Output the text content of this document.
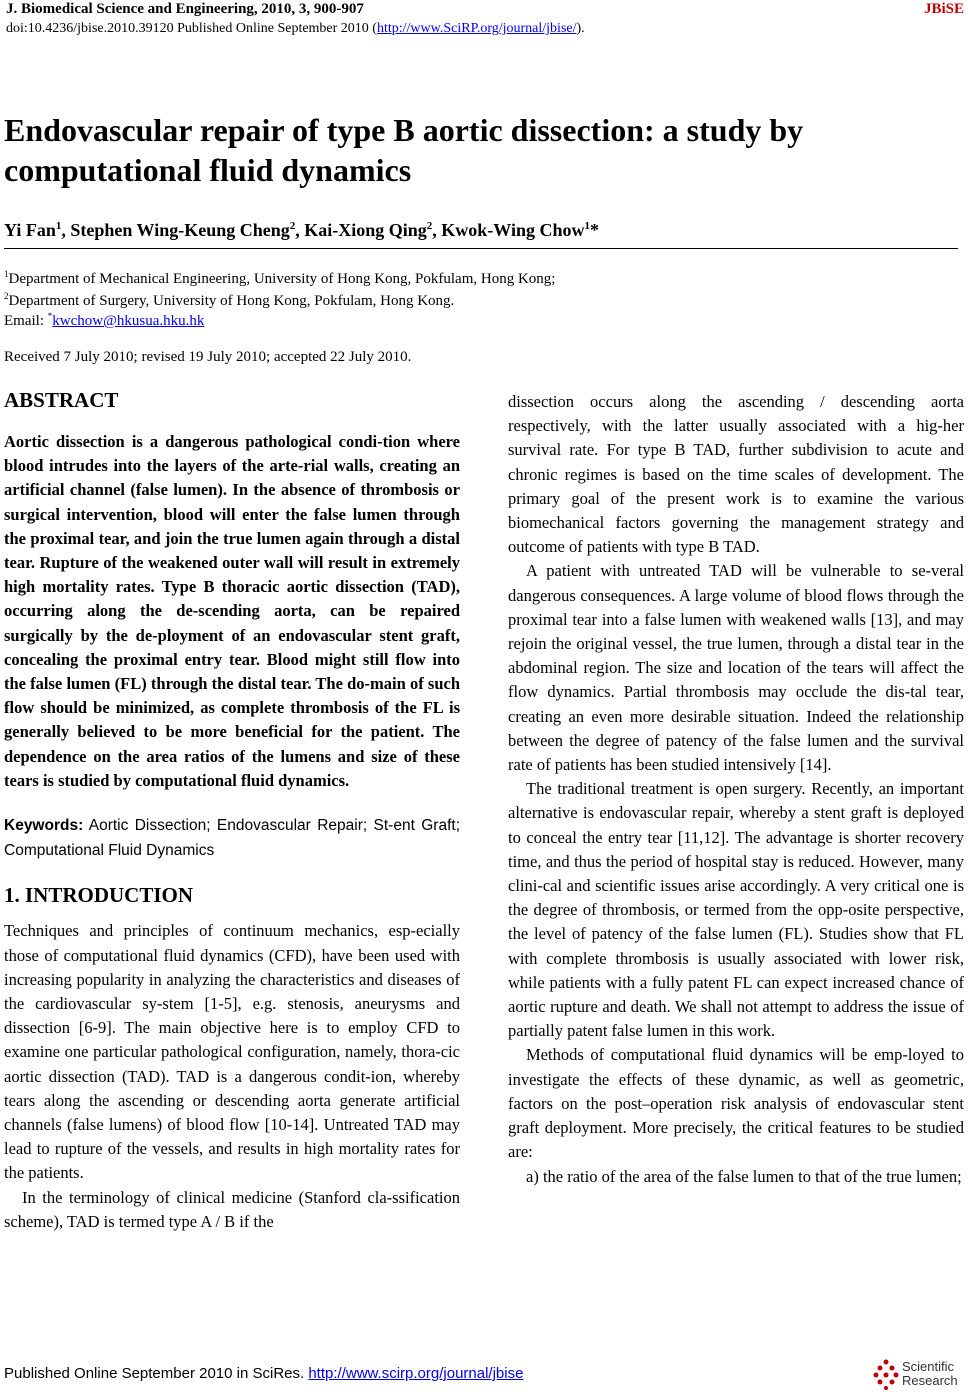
J. Biomedical Science and Engineering, 2010, 3, 900-907	JBiSE
doi:10.4236/jbise.2010.39120 Published Online September 2010 (http://www.SciRP.org/journal/jbise/).
Endovascular repair of type B aortic dissection: a study by computational fluid dynamics
Yi Fan$^1$, Stephen Wing-Keung Cheng$^2$, Kai-Xiong Qing$^2$, Kwok-Wing Chow$^1$*
$^1$Department of Mechanical Engineering, University of Hong Kong, Pokfulam, Hong Kong;
$^2$Department of Surgery, University of Hong Kong, Pokfulam, Hong Kong.
Email: *kwchow@hkusua.hku.hk
Received 7 July 2010; revised 19 July 2010; accepted 22 July 2010.
ABSTRACT

Aortic dissection is a dangerous pathological condi-tion where blood intrudes into the layers of the arte-rial walls, creating an artificial channel (false lumen). In the absence of thrombosis or surgical intervention, blood will enter the false lumen through the proximal tear, and join the true lumen again through a distal tear. Rupture of the weakened outer wall will result in extremely high mortality rates. Type B thoracic aortic dissection (TAD), occurring along the de-scending aorta, can be repaired surgically by the de-ployment of an endovascular stent graft, concealing the proximal entry tear. Blood might still flow into the false lumen (FL) through the distal tear. The do-main of such flow should be minimized, as complete thrombosis of the FL is generally believed to be more beneficial for the patient. The dependence on the area ratios of the lumens and size of these tears is studied by computational fluid dynamics.

Keywords: Aortic Dissection; Endovascular Repair; St-ent Graft; Computational Fluid Dynamics

1. INTRODUCTION

Techniques and principles of continuum mechanics, esp-ecially those of computational fluid dynamics (CFD), have been used with increasing popularity in analyzing the characteristics and diseases of the cardiovascular sy-stem [1-5], e.g. stenosis, aneurysms and dissection [6-9]. The main objective here is to employ CFD to examine one particular pathological configuration, namely, thora-cic aortic dissection (TAD). TAD is a dangerous condit-ion, whereby tears along the ascending or descending aorta generate artificial channels (false lumens) of blood flow [10-14]. Untreated TAD may lead to rupture of the vessels, and results in high mortality rates for the patients.

In the terminology of clinical medicine (Stanford cla-ssification scheme), TAD is termed type A / B if the

dissection occurs along the ascending / descending aorta respectively, with the latter usually associated with a hig-her survival rate. For type B TAD, further subdivision to acute and chronic regimes is based on the time scales of development. The primary goal of the present work is to examine the various biomechanical factors governing the management strategy and outcome of patients with type B TAD.

A patient with untreated TAD will be vulnerable to se-veral dangerous consequences. A large volume of blood flows through the proximal tear into a false lumen with weakened walls [13], and may rejoin the original vessel, the true lumen, through a distal tear in the abdominal region. The size and location of the tears will affect the flow dynamics. Partial thrombosis may occlude the dis-tal tear, creating an even more desirable situation. Indeed the relationship between the degree of patency of the false lumen and the survival rate of patients has been studied intensively [14].

The traditional treatment is open surgery. Recently, an important alternative is endovascular repair, whereby a stent graft is deployed to conceal the entry tear [11,12]. The advantage is shorter recovery time, and thus the period of hospital stay is reduced. However, many clini-cal and scientific issues arise accordingly. A very critical one is the degree of thrombosis, or termed from the opp-osite perspective, the level of patency of the false lumen (FL). Studies show that FL with complete thrombosis is usually associated with lower risk, while patients with a fully patent FL can expect increased chance of aortic rupture and death. We shall not attempt to address the issue of partially patent false lumen in this work.

Methods of computational fluid dynamics will be emp-loyed to investigate the effects of these dynamic, as well as geometric, factors on the post–operation risk analysis of endovascular stent graft deployment. More precisely, the critical features to be studied are:

a) the ratio of the area of the false lumen to that of the true lumen;

Published Online September 2010 in SciRes. http://www.scirp.org/journal/jbise	Scientific
Research
